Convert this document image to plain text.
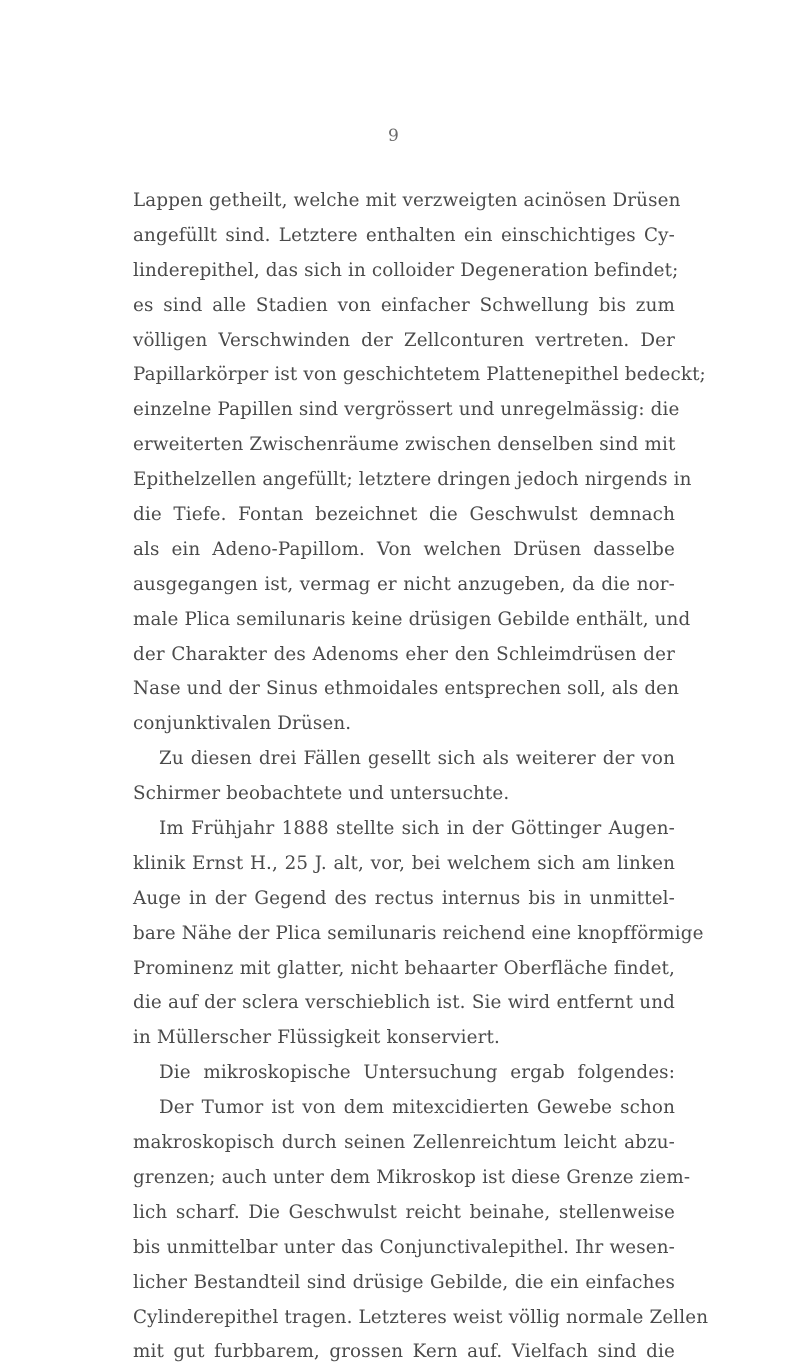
9
Lappen getheilt, welche mit verzweigten acinösen Drüsen
angefüllt sind. Letztere enthalten ein einschichtiges Cy-
linderepithel, das sich in colloider Degeneration befindet;
es sind alle Stadien von einfacher Schwellung bis zum
völligen Verschwinden der Zellconturen vertreten. Der
Papillarkörper ist von geschichtetem Plattenepithel bedeckt;
einzelne Papillen sind vergrössert und unregelmässig: die
erweiterten Zwischenräume zwischen denselben sind mit
Epithelzellen angefüllt; letztere dringen jedoch nirgends in
die Tiefe. Fontan bezeichnet die Geschwulst demnach
als ein Adeno-Papillom. Von welchen Drüsen dasselbe
ausgegangen ist, vermag er nicht anzugeben, da die nor-
male Plica semilunaris keine drüsigen Gebilde enthält, und
der Charakter des Adenoms eher den Schleimdrüsen der
Nase und der Sinus ethmoidales entsprechen soll, als den
conjunktivalen Drüsen.
Zu diesen drei Fällen gesellt sich als weiterer der von
Schirmer beobachtete und untersuchte.
Im Frühjahr 1888 stellte sich in der Göttinger Augen-
klinik Ernst H., 25 J. alt, vor, bei welchem sich am linken
Auge in der Gegend des rectus internus bis in unmittel-
bare Nähe der Plica semilunaris reichend eine knopfförmige
Prominenz mit glatter, nicht behaarter Oberfläche findet,
die auf der sclera verschieblich ist. Sie wird entfernt und
in Müllerscher Flüssigkeit konserviert.
Die mikroskopische Untersuchung ergab folgendes:
Der Tumor ist von dem mitexcidierten Gewebe schon
makroskopisch durch seinen Zellenreichtum leicht abzu-
grenzen; auch unter dem Mikroskop ist diese Grenze ziem-
lich scharf. Die Geschwulst reicht beinahe, stellenweise
bis unmittelbar unter das Conjunctivalepithel. Ihr wesen-
licher Bestandteil sind drüsige Gebilde, die ein einfaches
Cylinderepithel tragen. Letzteres weist völlig normale Zellen
mit gut furbbarem, grossen Kern auf. Vielfach sind die
